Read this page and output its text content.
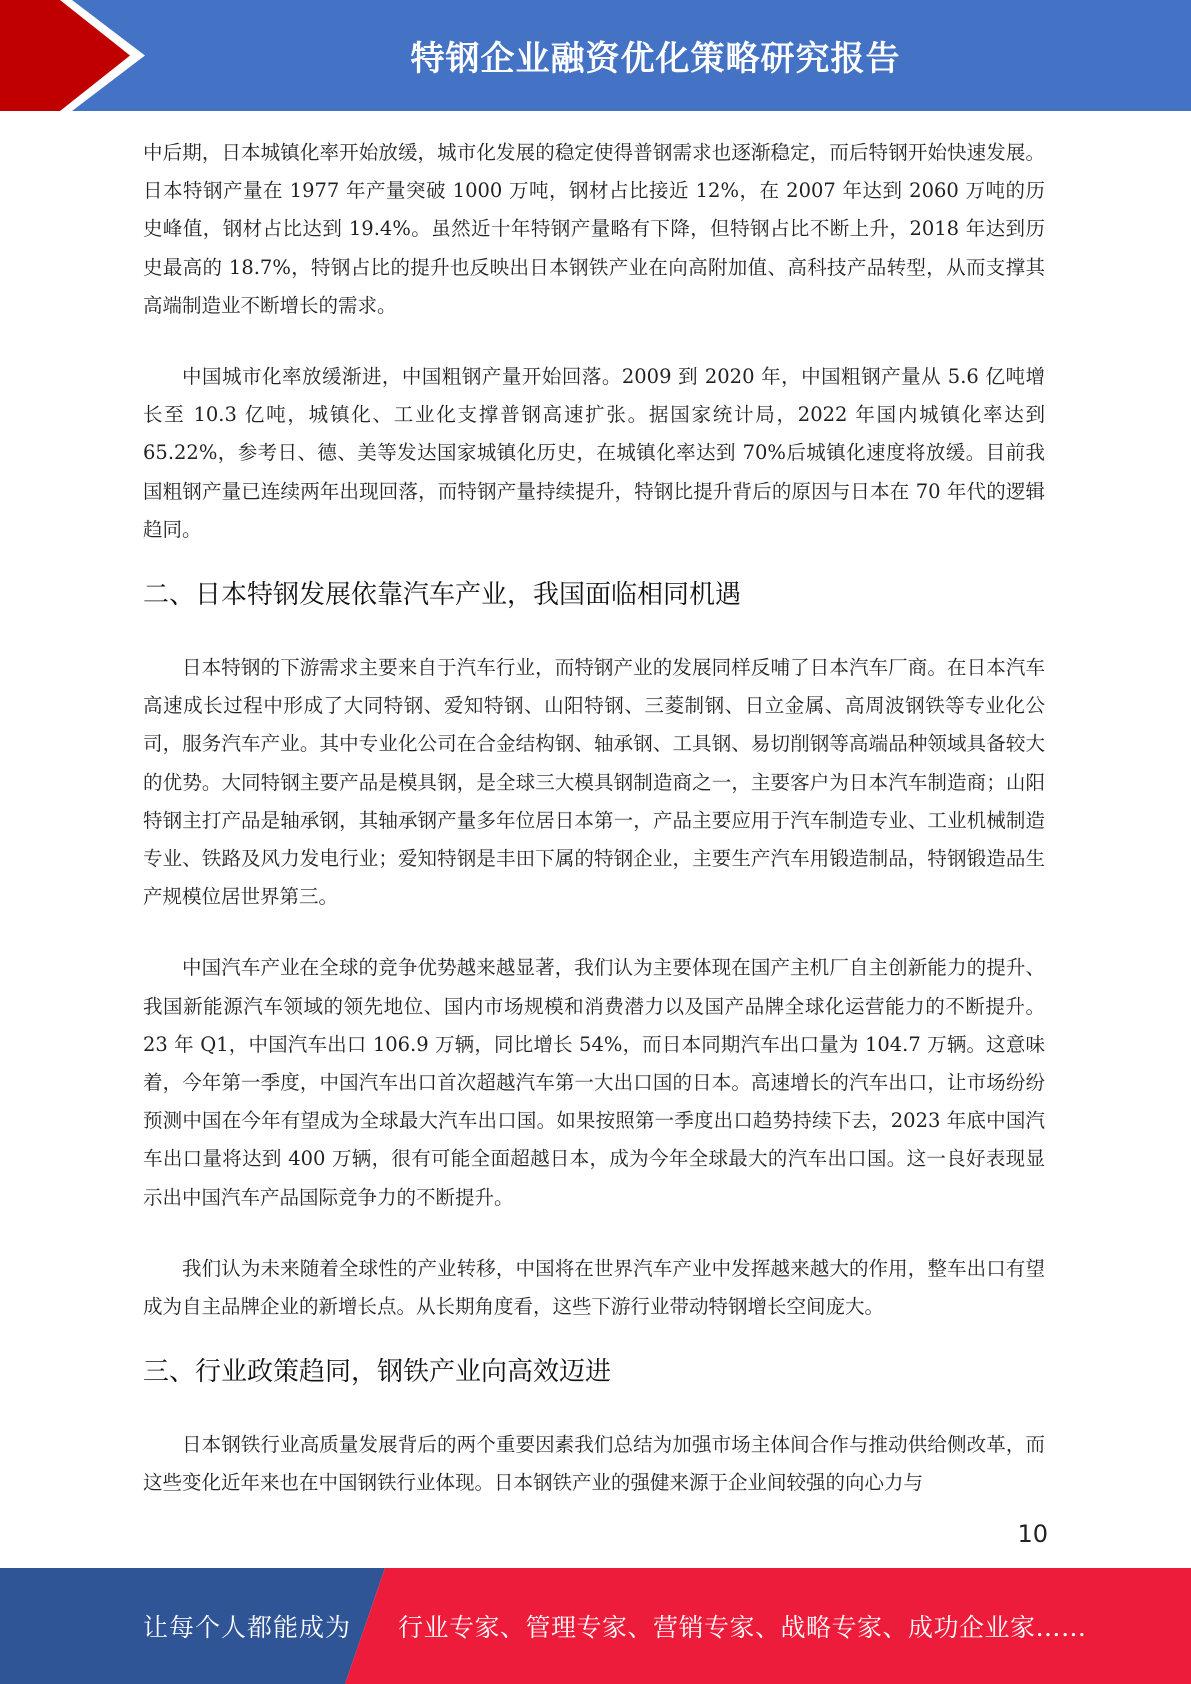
特钢企业融资优化策略研究报告

中后期，日本城镇化率开始放缓，城市化发展的稳定使得普钢需求也逐渐稳定，而后特钢开始快速发展。日本特钢产量在 1977 年产量突破 1000 万吨，钢材占比接近 12%，在 2007 年达到 2060 万吨的历史峰值，钢材占比达到 19.4%。虽然近十年特钢产量略有下降，但特钢占比不断上升，2018 年达到历史最高的 18.7%，特钢占比的提升也反映出日本钢铁产业在向高附加值、高科技产品转型，从而支撑其高端制造业不断增长的需求。

中国城市化率放缓渐进，中国粗钢产量开始回落。2009 到 2020 年，中国粗钢产量从 5.6 亿吨增长至 10.3 亿吨，城镇化、工业化支撑普钢高速扩张。据国家统计局，2022 年国内城镇化率达到 65.22%，参考日、德、美等发达国家城镇化历史，在城镇化率达到 70%后城镇化速度将放缓。目前我国粗钢产量已连续两年出现回落，而特钢产量持续提升，特钢比提升背后的原因与日本在 70 年代的逻辑趋同。

二、日本特钢发展依靠汽车产业，我国面临相同机遇

日本特钢的下游需求主要来自于汽车行业，而特钢产业的发展同样反哺了日本汽车厂商。在日本汽车高速成长过程中形成了大同特钢、爱知特钢、山阳特钢、三菱制钢、日立金属、高周波钢铁等专业化公司，服务汽车产业。其中专业化公司在合金结构钢、轴承钢、工具钢、易切削钢等高端品种领域具备较大的优势。大同特钢主要产品是模具钢，是全球三大模具钢制造商之一，主要客户为日本汽车制造商；山阳特钢主打产品是轴承钢，其轴承钢产量多年位居日本第一，产品主要应用于汽车制造专业、工业机械制造专业、铁路及风力发电行业；爱知特钢是丰田下属的特钢企业，主要生产汽车用锻造制品，特钢锻造品生产规模位居世界第三。

中国汽车产业在全球的竞争优势越来越显著，我们认为主要体现在国产主机厂自主创新能力的提升、我国新能源汽车领域的领先地位、国内市场规模和消费潜力以及国产品牌全球化运营能力的不断提升。23 年 Q1，中国汽车出口 106.9 万辆，同比增长 54%，而日本同期汽车出口量为 104.7 万辆。这意味着，今年第一季度，中国汽车出口首次超越汽车第一大出口国的日本。高速增长的汽车出口，让市场纷纷预测中国在今年有望成为全球最大汽车出口国。如果按照第一季度出口趋势持续下去，2023 年底中国汽车出口量将达到 400 万辆，很有可能全面超越日本，成为今年全球最大的汽车出口国。这一良好表现显示出中国汽车产品国际竞争力的不断提升。

我们认为未来随着全球性的产业转移，中国将在世界汽车产业中发挥越来越大的作用，整车出口有望成为自主品牌企业的新增长点。从长期角度看，这些下游行业带动特钢增长空间庞大。

三、行业政策趋同，钢铁产业向高效迈进

日本钢铁行业高质量发展背后的两个重要因素我们总结为加强市场主体间合作与推动供给侧改革，而这些变化近年来也在中国钢铁行业体现。日本钢铁产业的强健来源于企业间较强的向心力与

10
让每个人都能成为 行业专家、管理专家、营销专家、战略专家、成功企业家……
